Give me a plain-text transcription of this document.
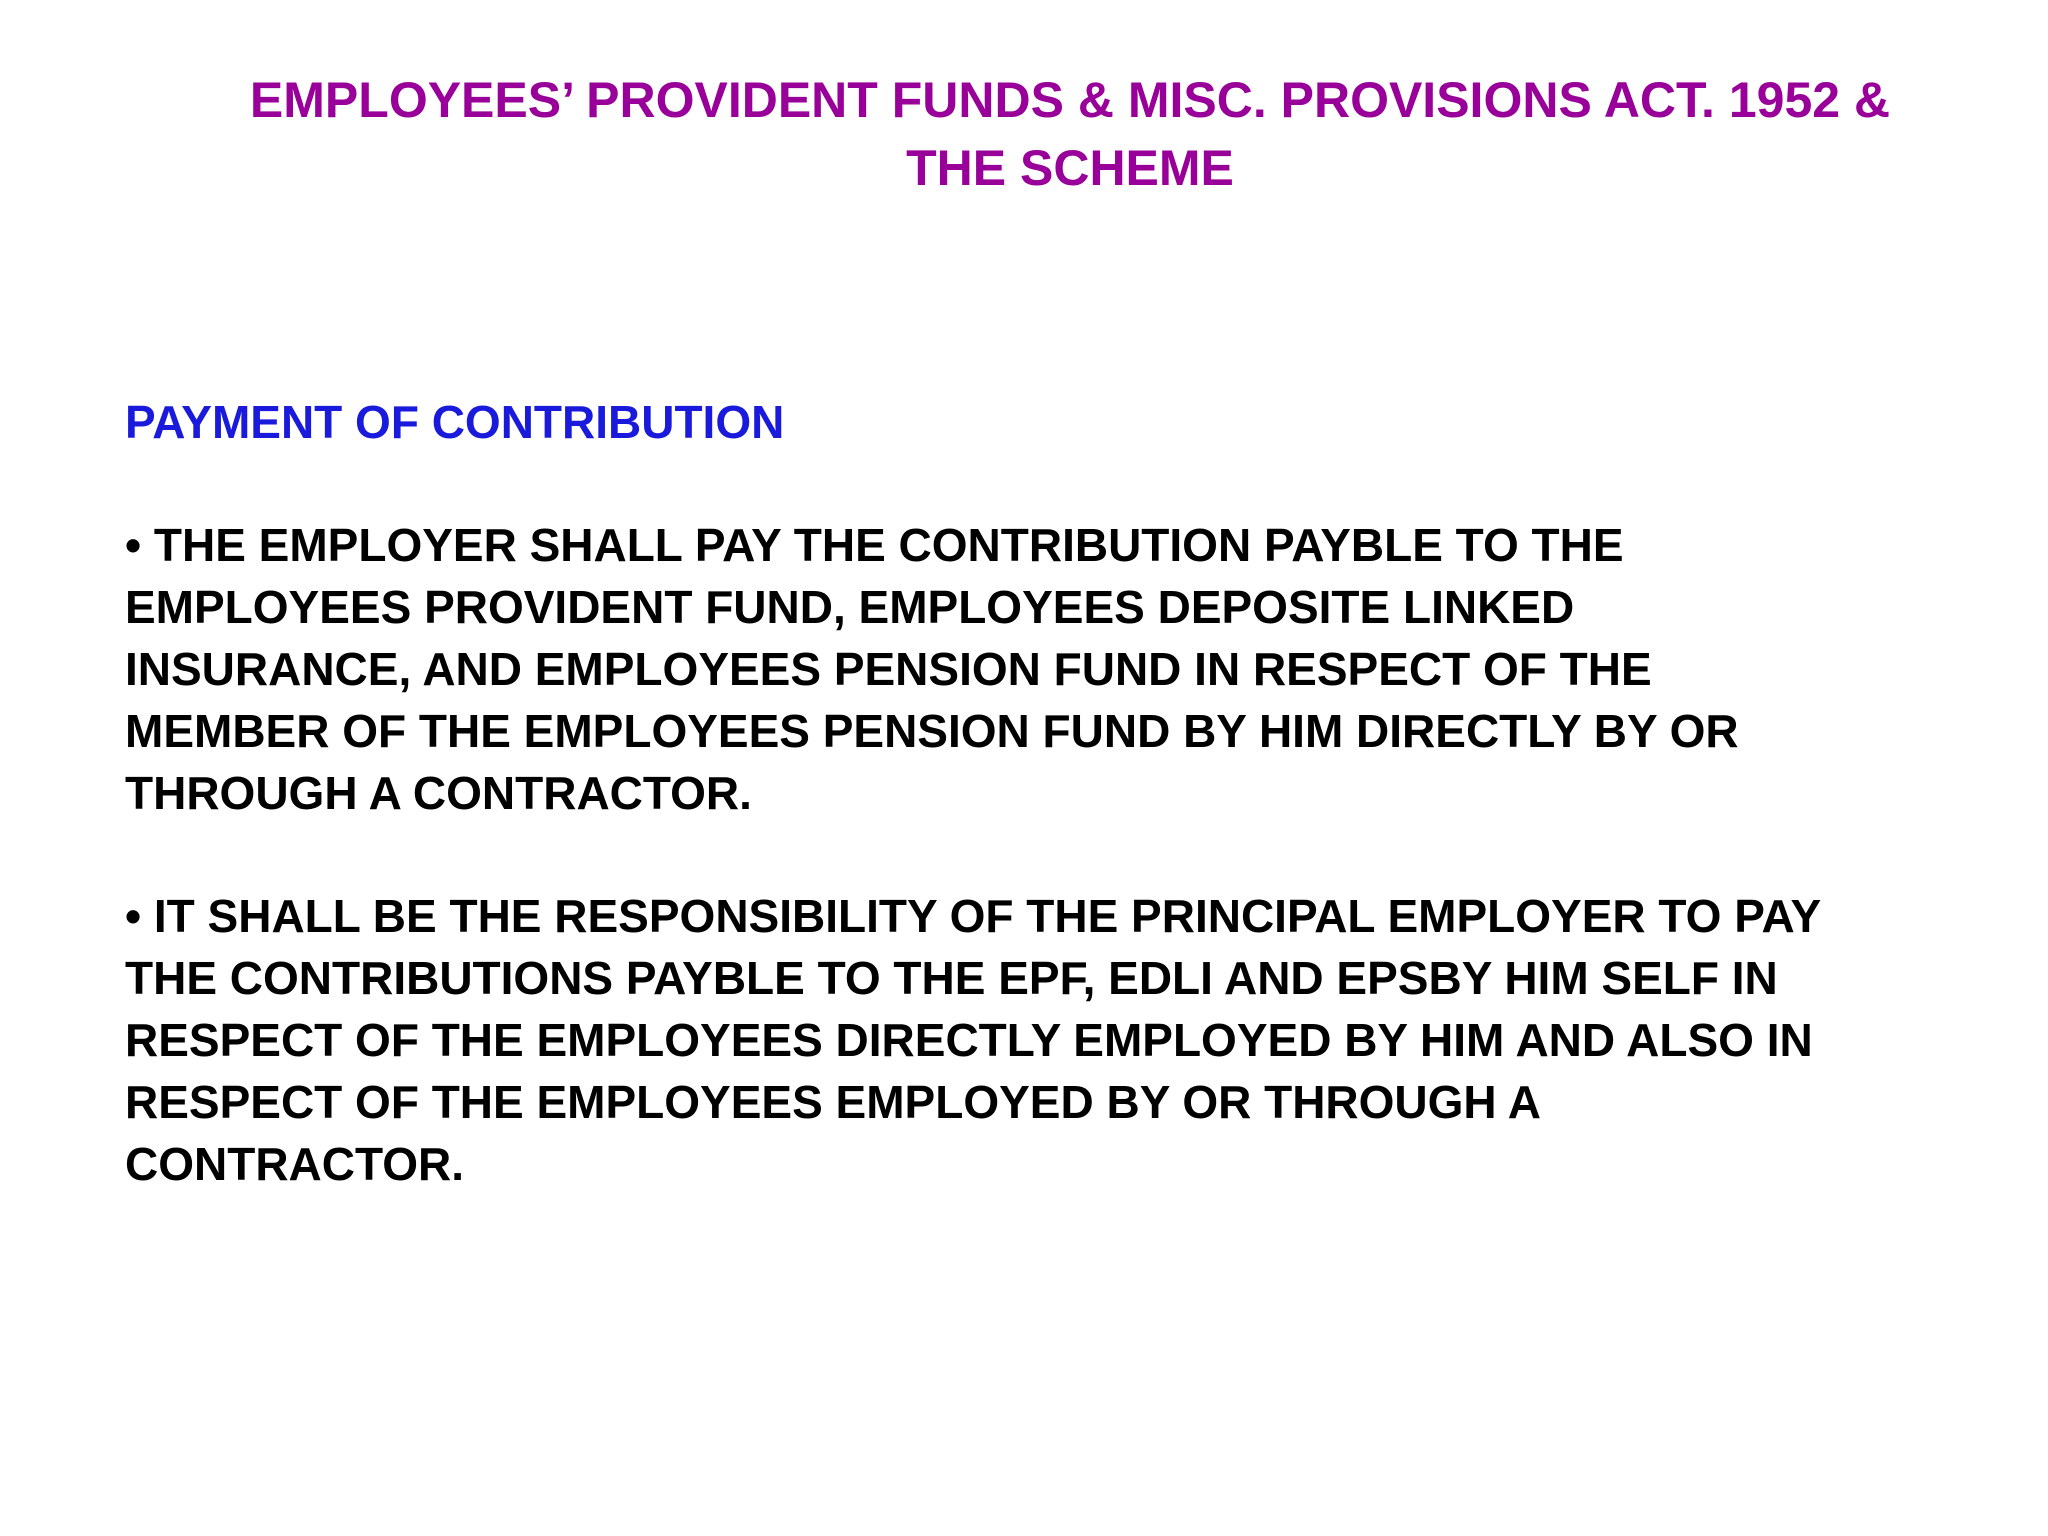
EMPLOYEES’ PROVIDENT FUNDS & MISC. PROVISIONS ACT. 1952 &
THE SCHEME
PAYMENT OF CONTRIBUTION

• THE EMPLOYER SHALL PAY THE CONTRIBUTION PAYBLE TO THE
EMPLOYEES PROVIDENT FUND, EMPLOYEES DEPOSITE LINKED
INSURANCE, AND EMPLOYEES PENSION FUND IN RESPECT OF THE
MEMBER OF THE EMPLOYEES PENSION FUND BY HIM DIRECTLY BY OR
THROUGH A CONTRACTOR.

• IT SHALL BE THE RESPONSIBILITY OF THE PRINCIPAL EMPLOYER TO PAY
THE CONTRIBUTIONS PAYBLE TO THE EPF, EDLI AND EPSBY HIM SELF IN
RESPECT OF THE EMPLOYEES DIRECTLY EMPLOYED BY HIM AND ALSO IN
RESPECT OF THE EMPLOYEES EMPLOYED BY OR THROUGH A
CONTRACTOR.
